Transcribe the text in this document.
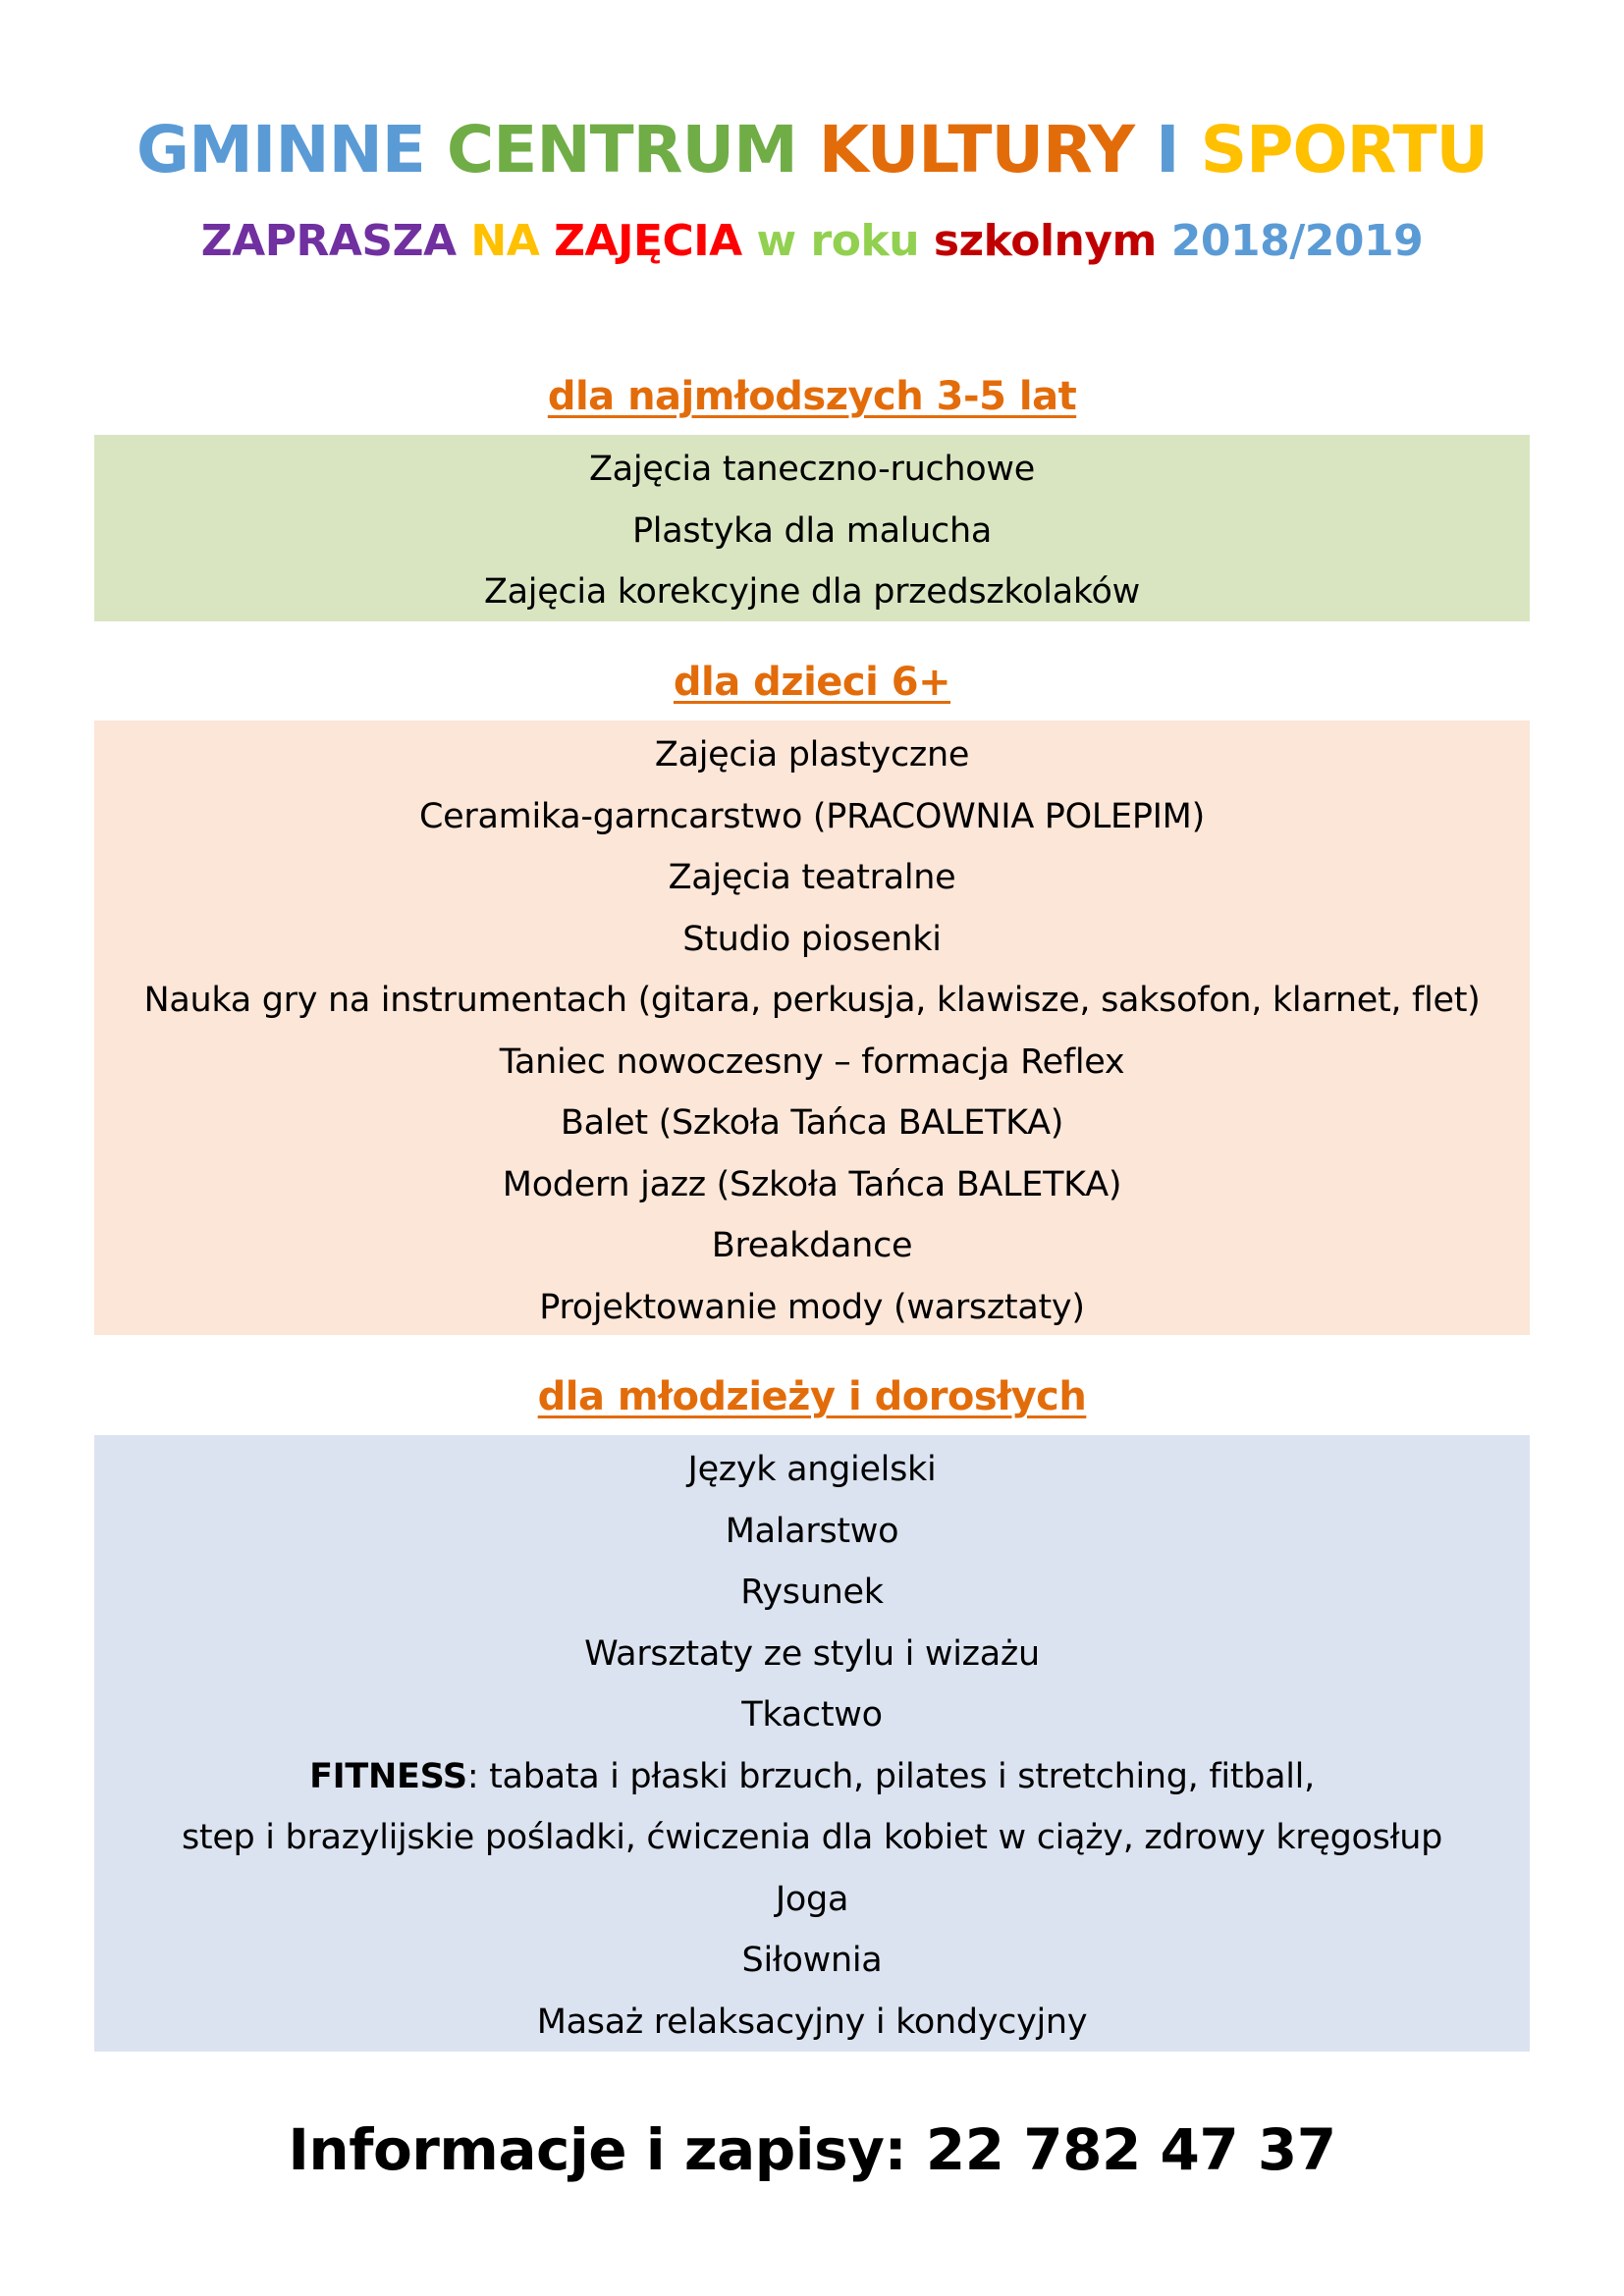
GMINNE CENTRUM KULTURY I SPORTU
ZAPRASZA NA ZAJĘCIA w roku szkolnym 2018/2019
dla najmłodszych 3-5 lat
Zajęcia taneczno-ruchowe
Plastyka dla malucha
Zajęcia korekcyjne dla przedszkolaków
dla dzieci 6+
Zajęcia plastyczne
Ceramika-garncarstwo (PRACOWNIA POLEPIM)
Zajęcia teatralne
Studio piosenki
Nauka gry na instrumentach (gitara, perkusja, klawisze, saksofon, klarnet, flet)
Taniec nowoczesny – formacja Reflex
Balet (Szkoła Tańca BALETKA)
Modern jazz (Szkoła Tańca BALETKA)
Breakdance
Projektowanie mody (warsztaty)
dla młodzieży i dorosłych
Język angielski
Malarstwo
Rysunek
Warsztaty ze stylu i wizażu
Tkactwo
FITNESS: tabata i płaski brzuch, pilates i stretching, fitball,
step i brazylijskie pośladki, ćwiczenia dla kobiet w ciąży, zdrowy kręgosłup
Joga
Siłownia
Masaż relaksacyjny i kondycyjny
Informacje i zapisy: 22 782 47 37
